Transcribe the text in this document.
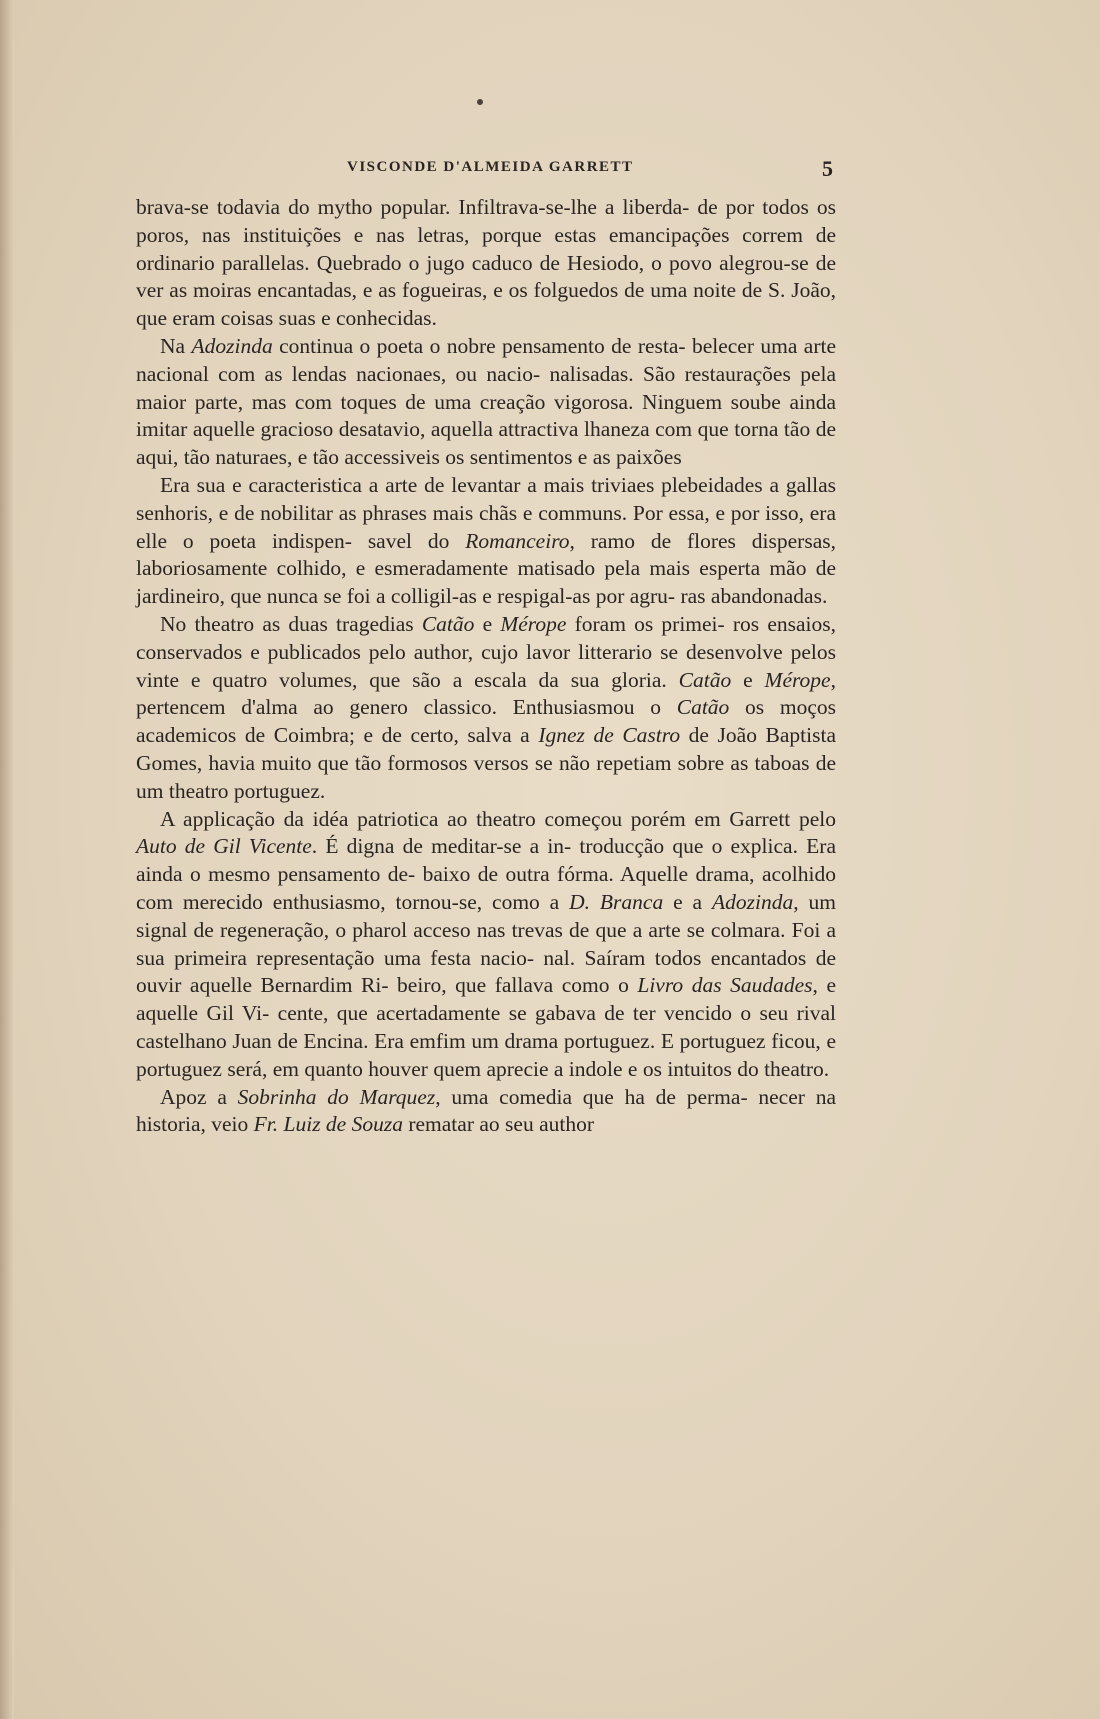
VISCONDE D'ALMEIDA GARRETT	5

brava-se todavia do mytho popular. Infiltrava-se-lhe a liberda- de por todos os poros, nas instituições e nas letras, porque estas emancipações correm de ordinario parallelas. Quebrado o jugo caduco de Hesiodo, o povo alegrou-se de ver as moiras encantadas, e as fogueiras, e os folguedos de uma noite de S. João, que eram coisas suas e conhecidas.

Na Adozinda continua o poeta o nobre pensamento de resta- belecer uma arte nacional com as lendas nacionaes, ou nacio- nalisadas. São restaurações pela maior parte, mas com toques de uma creação vigorosa. Ninguem soube ainda imitar aquelle gracioso desatavio, aquella attractiva lhaneza com que torna tão de aqui, tão naturaes, e tão accessiveis os sentimentos e as paixões

Era sua e caracteristica a arte de levantar a mais triviaes plebeidades a gallas senhoris, e de nobilitar as phrases mais chãs e communs. Por essa, e por isso, era elle o poeta indispen- savel do Romanceiro, ramo de flores dispersas, laboriosamente colhido, e esmeradamente matisado pela mais esperta mão de jardineiro, que nunca se foi a colligil-as e respigal-as por agru- ras abandonadas.

No theatro as duas tragedias Catão e Mérope foram os primei- ros ensaios, conservados e publicados pelo author, cujo lavor litterario se desenvolve pelos vinte e quatro volumes, que são a escala da sua gloria. Catão e Mérope, pertencem d'alma ao genero classico. Enthusiasmou o Catão os moços academicos de Coimbra; e de certo, salva a Ignez de Castro de João Baptista Gomes, havia muito que tão formosos versos se não repetiam sobre as taboas de um theatro portuguez.

A applicação da idéa patriotica ao theatro começou porém em Garrett pelo Auto de Gil Vicente. É digna de meditar-se a in- troducção que o explica. Era ainda o mesmo pensamento de- baixo de outra fórma. Aquelle drama, acolhido com merecido enthusiasmo, tornou-se, como a D. Branca e a Adozinda, um signal de regeneração, o pharol acceso nas trevas de que a arte se colmara. Foi a sua primeira representação uma festa nacio- nal. Saíram todos encantados de ouvir aquelle Bernardim Ri- beiro, que fallava como o Livro das Saudades, e aquelle Gil Vi- cente, que acertadamente se gabava de ter vencido o seu rival castelhano Juan de Encina. Era emfim um drama portuguez. E portuguez ficou, e portuguez será, em quanto houver quem aprecie a indole e os intuitos do theatro.

Apoz a Sobrinha do Marquez, uma comedia que ha de perma- necer na historia, veio Fr. Luiz de Souza rematar ao seu author
